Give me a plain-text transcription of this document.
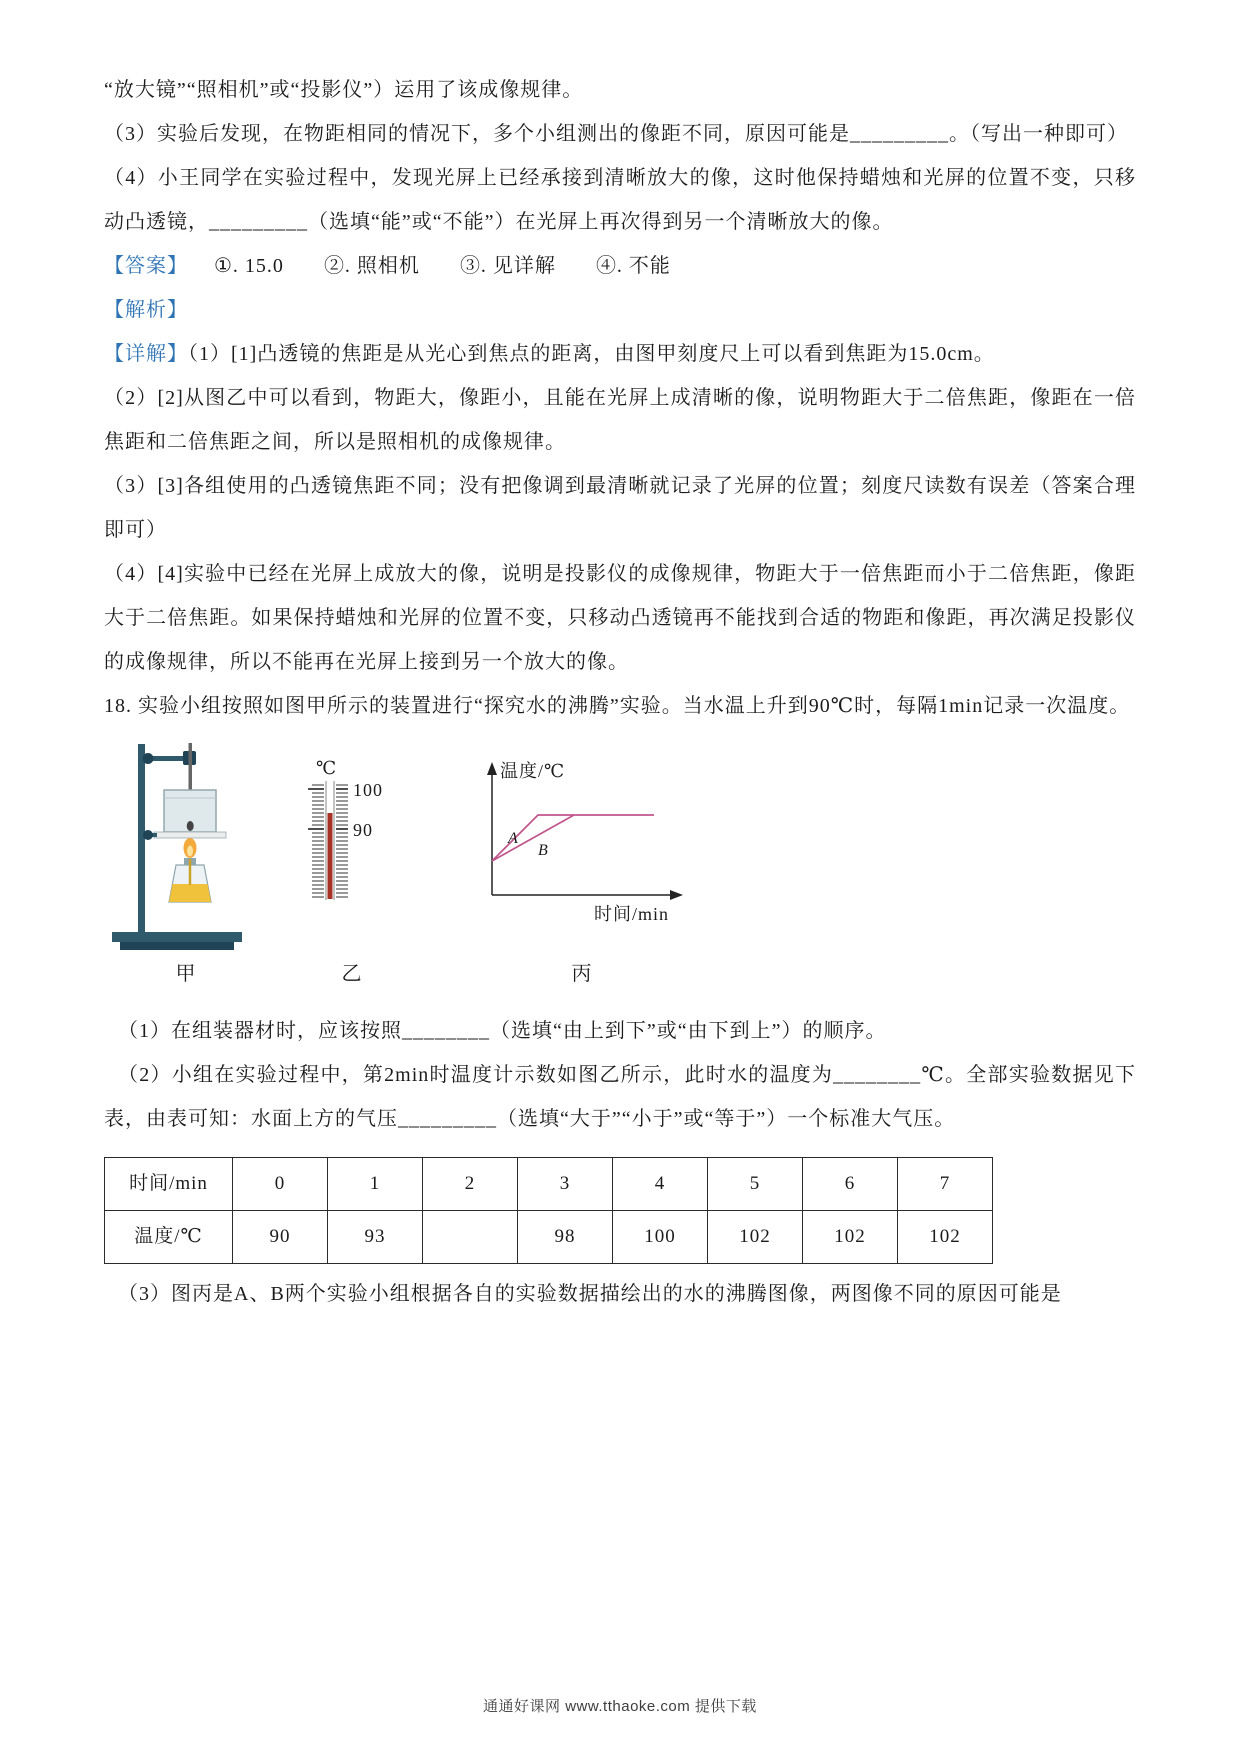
“放大镜”“照相机”或“投影仪”）运用了该成像规律。

（3）实验后发现，在物距相同的情况下，多个小组测出的像距不同，原因可能是_________。（写出一种即可）

（4）小王同学在实验过程中，发现光屏上已经承接到清晰放大的像，这时他保持蜡烛和光屏的位置不变，只移动凸透镜，_________（选填“能”或“不能”）在光屏上再次得到另一个清晰放大的像。

【答案】 ①. 15.0 ②. 照相机 ③. 见详解 ④. 不能

【解析】

【详解】（1）[1]凸透镜的焦距是从光心到焦点的距离，由图甲刻度尺上可以看到焦距为15.0cm。

（2）[2]从图乙中可以看到，物距大，像距小，且能在光屏上成清晰的像，说明物距大于二倍焦距，像距在一倍焦距和二倍焦距之间，所以是照相机的成像规律。

（3）[3]各组使用的凸透镜焦距不同；没有把像调到最清晰就记录了光屏的位置；刻度尺读数有误差（答案合理即可）

（4）[4]实验中已经在光屏上成放大的像，说明是投影仪的成像规律，物距大于一倍焦距而小于二倍焦距，像距大于二倍焦距。如果保持蜡烛和光屏的位置不变，只移动凸透镜再不能找到合适的物距和像距，再次满足投影仪的成像规律，所以不能再在光屏上接到另一个放大的像。

18. 实验小组按照如图甲所示的装置进行“探究水的沸腾”实验。当水温上升到90℃时，每隔1min记录一次温度。

甲
℃
100
90
乙
温度/℃
时间/min
A
B
丙

（1）在组装器材时，应该按照________（选填“由上到下”或“由下到上”）的顺序。

（2）小组在实验过程中，第2min时温度计示数如图乙所示，此时水的温度为________℃。全部实验数据见下表，由表可知：水面上方的气压_________（选填“大于”“小于”或“等于”）一个标准大气压。

时间/min	0	1	2	3	4	5	6	7
温度/℃	90	93		98	100	102	102	102

（3）图丙是A、B两个实验小组根据各自的实验数据描绘出的水的沸腾图像，两图像不同的原因可能是

通通好课网 www.tthaoke.com 提供下载
